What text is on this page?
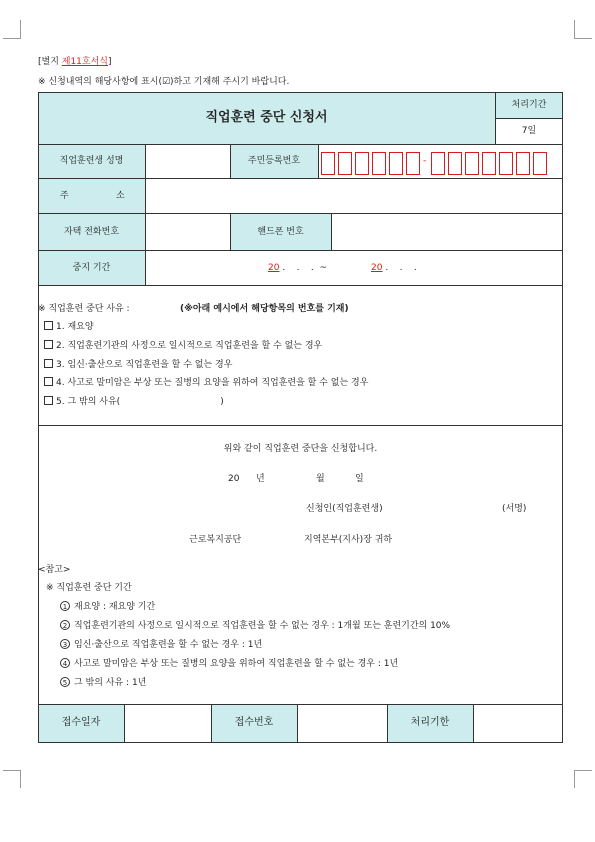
[별지 제11호서식]
※ 신청내역의 해당사항에 표시(☑)하고 기재해 주시기 바랍니다.
직업훈련 중단 신청서
처리기간
7일
직업훈련생 성명	주민등록번호	-
주	소
자택 전화번호	핸드폰 번호
중지 기간	20 .    .    .  ~	20 .    .    .
※ 직업훈련 중단 사유 :	(※아래 예시에서 해당항목의 번호를 기재)
1. 재요양
2. 직업훈련기관의 사정으로 일시적으로 직업훈련을 할 수 없는 경우
3. 임신·출산으로 직업훈련을 할 수 없는 경우
4. 사고로 말미암은 부상 또는 질병의 요양을 위하여 직업훈련을 할 수 없는 경우
5. 그 밖의 사유(                                   )
위와 같이 직업훈련 중단을 신청합니다.
20 년	월	일
신청인(직업훈련생)	(서명)
근로복지공단	지역본부(지사)장 귀하
<참고>
※ 직업훈련 중단 기간
1 재요양 : 재요양 기간
2 직업훈련기관의 사정으로 일시적으로 직업훈련을 할 수 없는 경우 : 1개월 또는 훈련기간의 10%
3 임신·출산으로 직업훈련을 할 수 없는 경우 : 1년
4 사고로 말미암은 부상 또는 질병의 요양을 위하여 직업훈련을 할 수 없는 경우 : 1년
5 그 밖의 사유 : 1년
접수일자	접수번호	처리기한
